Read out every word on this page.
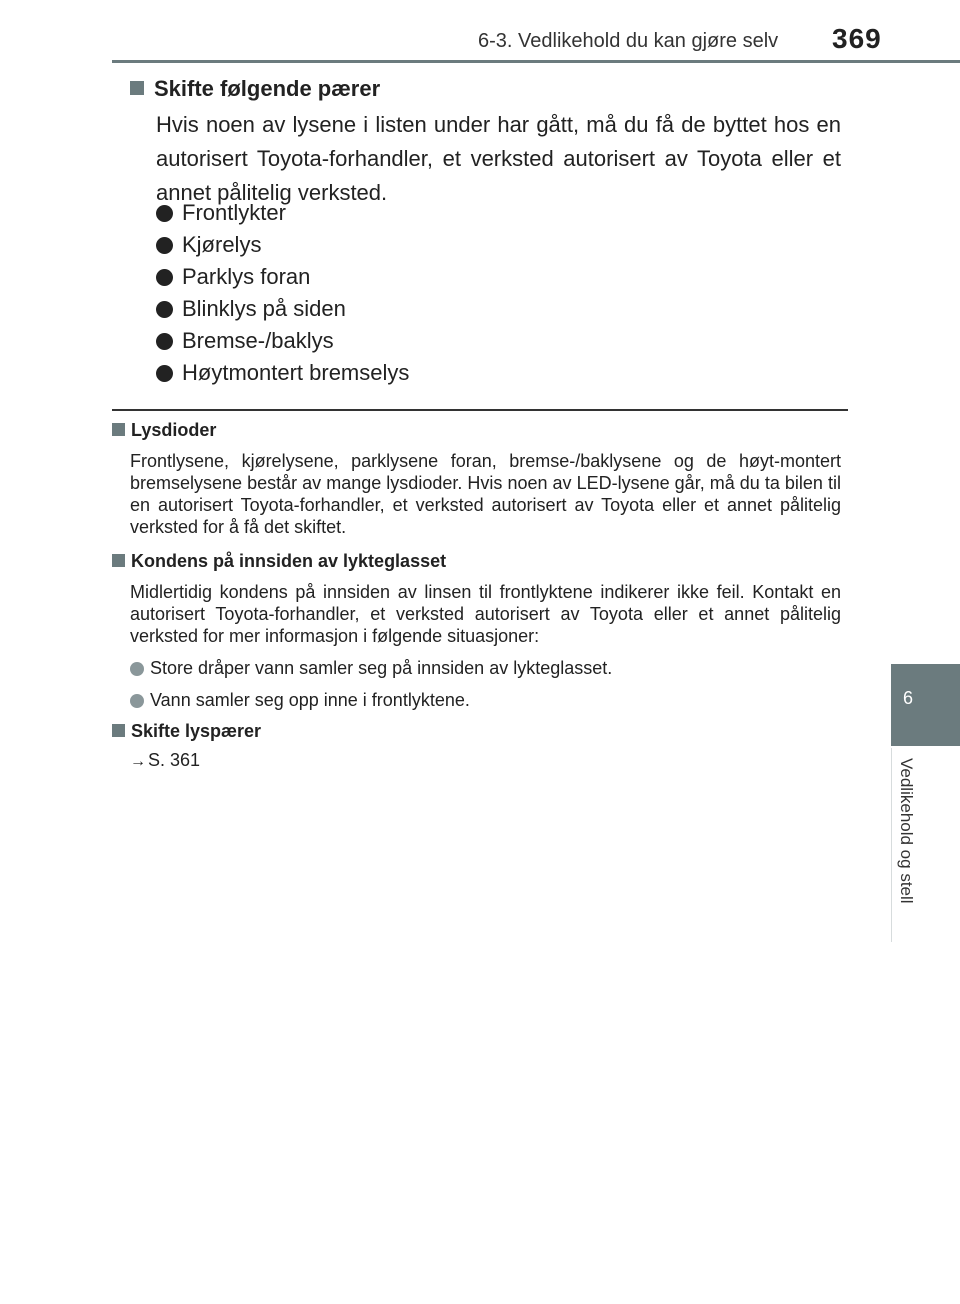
6-3. Vedlikehold du kan gjøre selv 369
6
Vedlikehold og stell
Skifte følgende pærer

Hvis noen av lysene i listen under har gått, må du få de byttet hos en autorisert Toyota-forhandler, et verksted autorisert av Toyota eller et annet pålitelig verksted.

Frontlykter
Kjørelys
Parklys foran
Blinklys på siden
Bremse-/baklys
Høytmontert bremselys
Lysdioder

Frontlysene, kjørelysene, parklysene foran, bremse-/baklysene og de høyt-montert bremselysene består av mange lysdioder. Hvis noen av LED-lysene går, må du ta bilen til en autorisert Toyota-forhandler, et verksted autorisert av Toyota eller et annet pålitelig verksted for å få det skiftet.

Kondens på innsiden av lykteglasset

Midlertidig kondens på innsiden av linsen til frontlyktene indikerer ikke feil. Kontakt en autorisert Toyota-forhandler, et verksted autorisert av Toyota eller et annet pålitelig verksted for mer informasjon i følgende situasjoner:

Store dråper vann samler seg på innsiden av lykteglasset.
Vann samler seg opp inne i frontlyktene.
Skifte lyspærer
→ S. 361
